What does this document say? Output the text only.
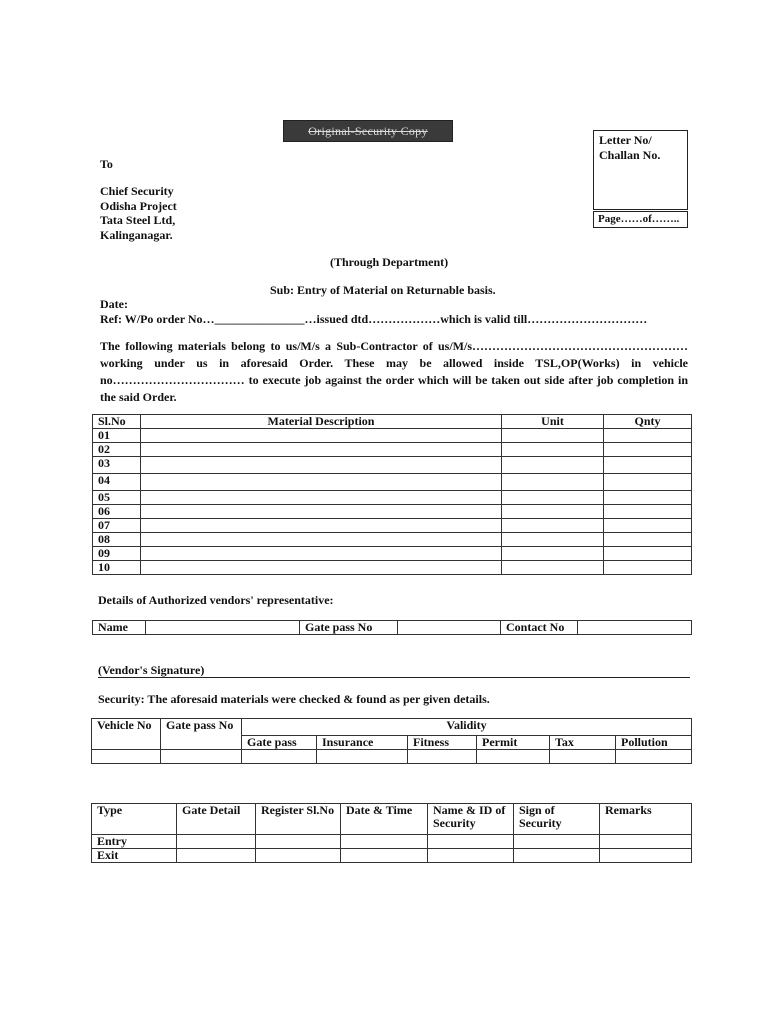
Original-Security Copy
Letter No/
Challan No.
Page……of……..
To
Chief Security
Odisha Project
Tata Steel Ltd,
Kalinganagar.
(Through Department)
Sub: Entry of Material on Returnable basis.
Date:
Ref: W/Po order No…_______________…issued dtd………………which is valid till…………………………
The following materials belong to us/M/s a Sub-Contractor of us/M/s………………………………………………working under us in aforesaid Order. These may be allowed inside TSL,OP(Works) in vehicle no…………………………… to execute job against the order which will be taken out side after job completion in the said Order.
Sl.No	Material Description	Unit	Qnty
01			
02			
03			
04			
05			
06			
07			
08			
09			
10			
Details of Authorized vendors' representative:
Name		Gate pass No		Contact No	
(Vendor's Signature)
Security: The aforesaid materials were checked & found as per given details.
Vehicle No	Gate pass No	Validity					
		Gate pass	Insurance	Fitness	Permit	Tax	Pollution

Type	Gate Detail	Register Sl.No	Date & Time	Name & ID of Security	Sign of Security	Remarks
Entry						
Exit						
